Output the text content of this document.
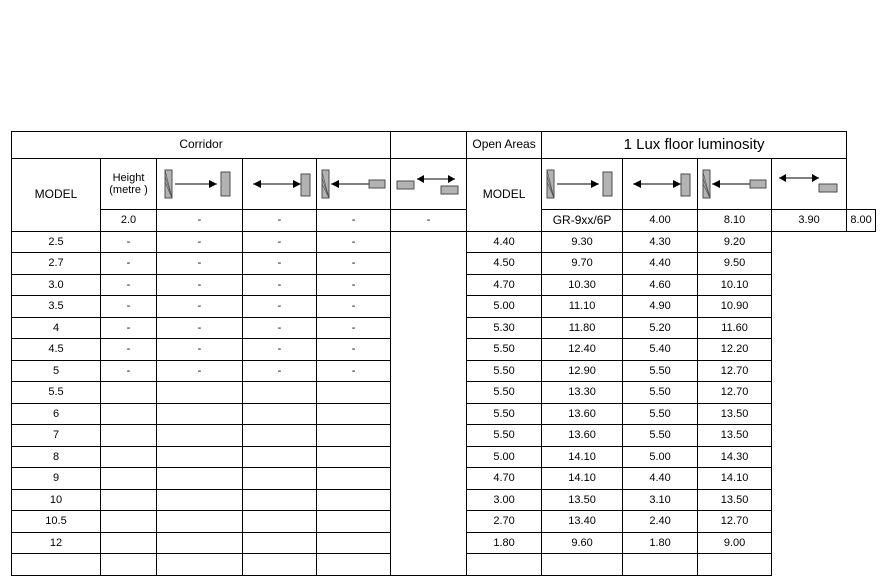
Corridor						Open Areas	1 Lux floor luminosity				
MODEL	Height (metre )					MODEL	

	2.0	-	-	-	-		GR-9xx/6P	4.00	8.10	3.90	8.00
2.5	-	-	-	-		4.40	9.30	4.30	9.20		
2.7	-	-	-	-		4.50	9.70	4.40	9.50		
3.0	-	-	-	-		4.70	10.30	4.60	10.10		
3.5	-	-	-	-		5.00	11.10	4.90	10.90		
4	-	-	-	-		5.30	11.80	5.20	11.60		
4.5	-	-	-	-		5.50	12.40	5.40	12.20		
5	-	-	-	-		5.50	12.90	5.50	12.70		
5.5						5.50	13.30	5.50	12.70		
6						5.50	13.60	5.50	13.50		
7						5.50	13.60	5.50	13.50		
8						5.00	14.10	5.00	14.30		
9						4.70	14.10	4.40	14.10		
10						3.00	13.50	3.10	13.50		
10.5						2.70	13.40	2.40	12.70		
12						1.80	9.60	1.80	9.00		
